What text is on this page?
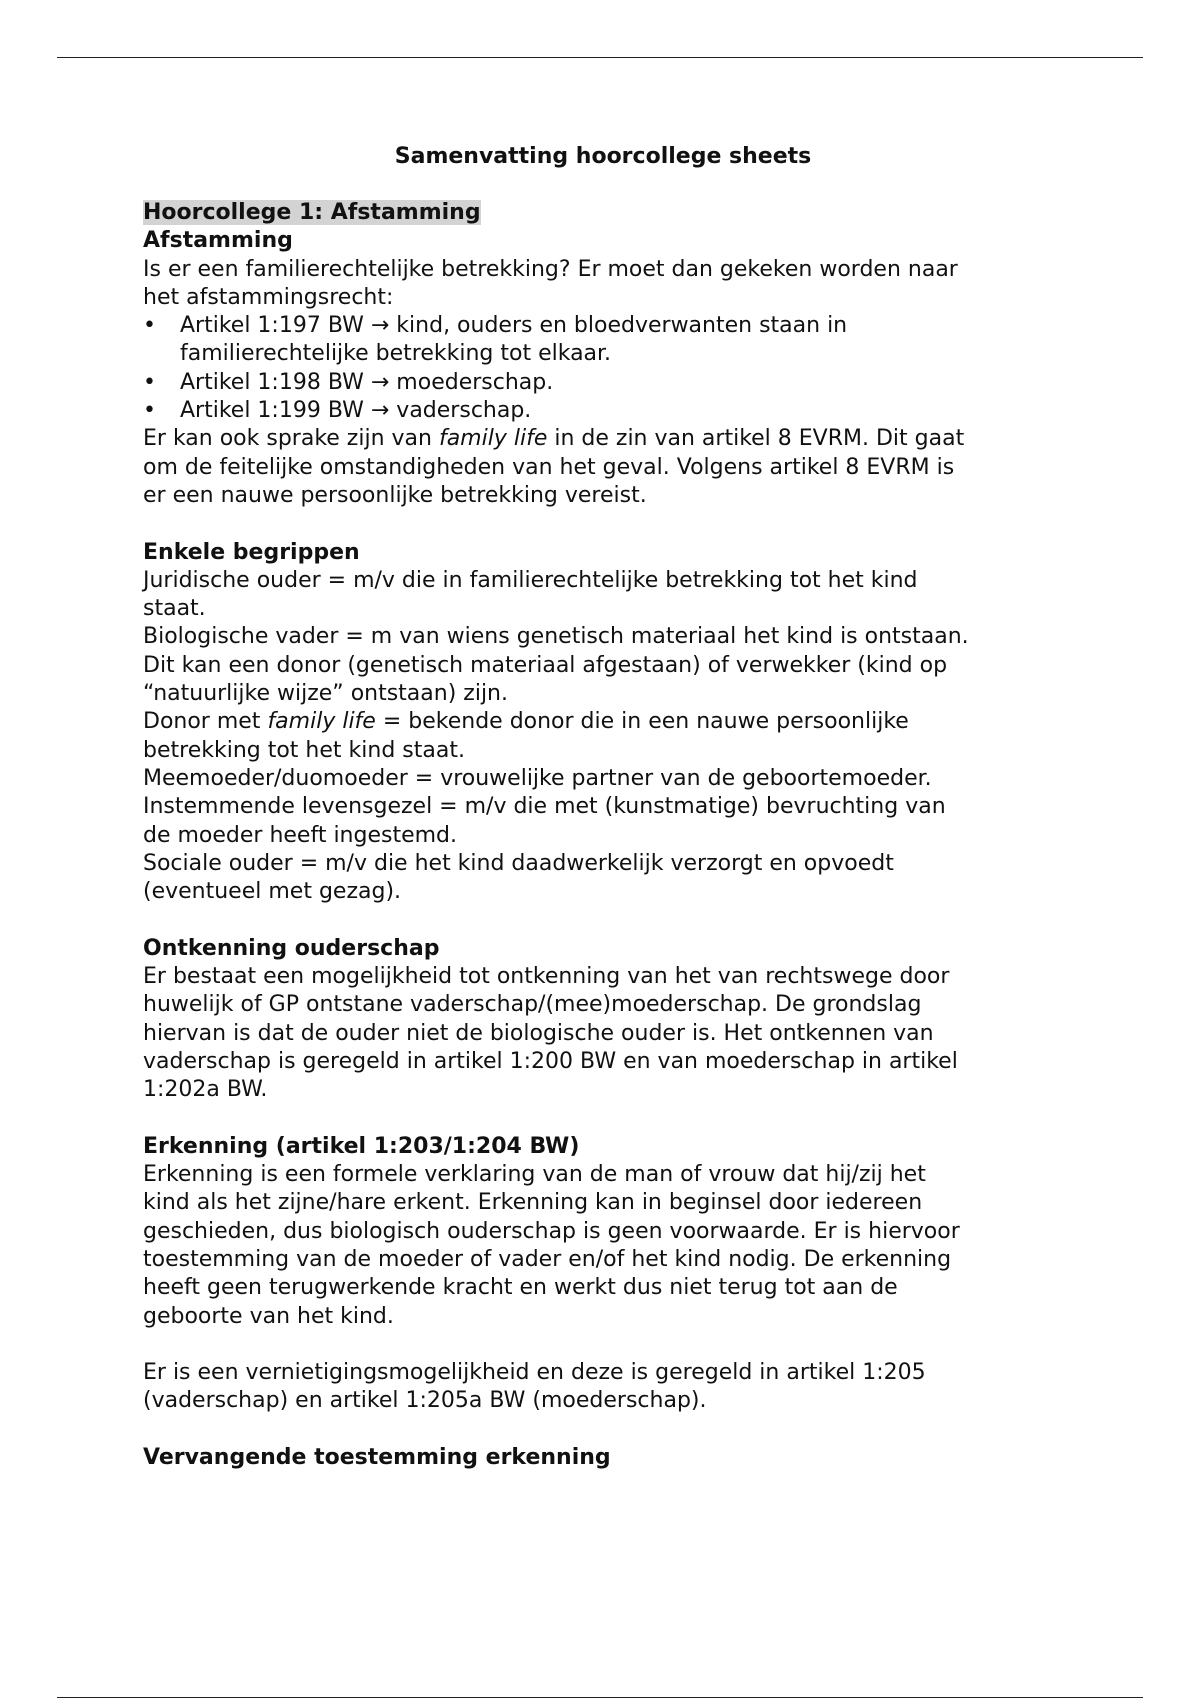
Samenvatting hoorcollege sheets
Hoorcollege 1: Afstamming
Afstamming

Is er een familierechtelijke betrekking? Er moet dan gekeken worden naar
het afstammingsrecht:

•	Artikel 1:197 BW → kind, ouders en bloedverwanten staan in
familierechtelijke betrekking tot elkaar.
•	Artikel 1:198 BW → moederschap.
•	Artikel 1:199 BW → vaderschap.

Er kan ook sprake zijn van family life in de zin van artikel 8 EVRM. Dit gaat
om de feitelijke omstandigheden van het geval. Volgens artikel 8 EVRM is
er een nauwe persoonlijke betrekking vereist.

Enkele begrippen

Juridische ouder = m/v die in familierechtelijke betrekking tot het kind
staat.

Biologische vader = m van wiens genetisch materiaal het kind is ontstaan.
Dit kan een donor (genetisch materiaal afgestaan) of verwekker (kind op
“natuurlijke wijze” ontstaan) zijn.

Donor met family life = bekende donor die in een nauwe persoonlijke
betrekking tot het kind staat.

Meemoeder/duomoeder = vrouwelijke partner van de geboortemoeder.

Instemmende levensgezel = m/v die met (kunstmatige) bevruchting van
de moeder heeft ingestemd.

Sociale ouder = m/v die het kind daadwerkelijk verzorgt en opvoedt
(eventueel met gezag).

Ontkenning ouderschap

Er bestaat een mogelijkheid tot ontkenning van het van rechtswege door
huwelijk of GP ontstane vaderschap/(mee)moederschap. De grondslag
hiervan is dat de ouder niet de biologische ouder is. Het ontkennen van
vaderschap is geregeld in artikel 1:200 BW en van moederschap in artikel
1:202a BW.

Erkenning (artikel 1:203/1:204 BW)

Erkenning is een formele verklaring van de man of vrouw dat hij/zij het
kind als het zijne/hare erkent. Erkenning kan in beginsel door iedereen
geschieden, dus biologisch ouderschap is geen voorwaarde. Er is hiervoor
toestemming van de moeder of vader en/of het kind nodig. De erkenning
heeft geen terugwerkende kracht en werkt dus niet terug tot aan de
geboorte van het kind.

Er is een vernietigingsmogelijkheid en deze is geregeld in artikel 1:205
(vaderschap) en artikel 1:205a BW (moederschap).

Vervangende toestemming erkenning
